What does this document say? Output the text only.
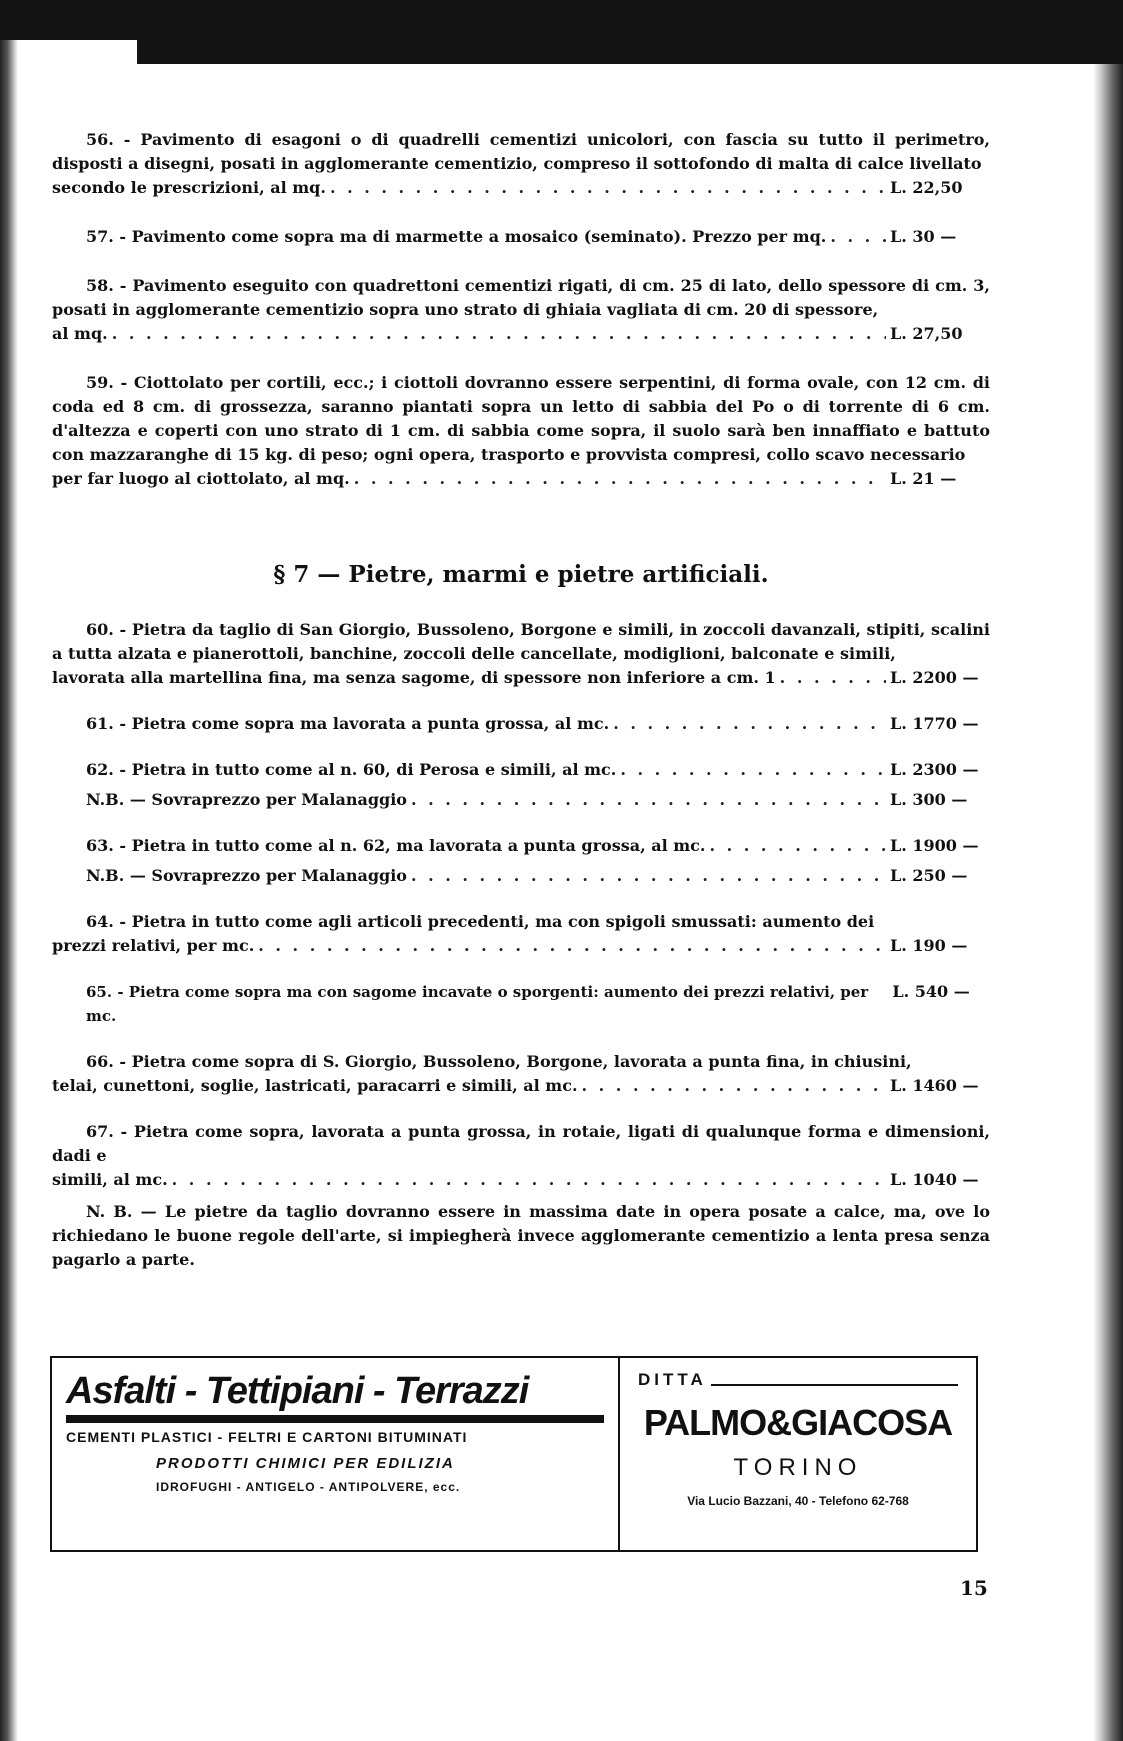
56. - Pavimento di esagoni o di quadrelli cementizi unicolori, con fascia su tutto il perimetro, disposti a disegni, posati in agglomerante cementizio, compreso il sottofondo di malta di calce livellato

secondo le prescrizioni, al mq. . . .	L. 22,50
57. - Pavimento come sopra ma di marmette a mosaico (seminato). Prezzo per mq. . . .	L. 30 —

58. - Pavimento eseguito con quadrettoni cementizi rigati, di cm. 25 di lato, dello spessore di cm. 3, posati in agglomerante cementizio sopra uno strato di ghiaia vagliata di cm. 20 di spessore,

al mq. . . .	L. 27,50

59. - Ciottolato per cortili, ecc.; i ciottoli dovranno essere serpentini, di forma ovale, con 12 cm. di coda ed 8 cm. di grossezza, saranno piantati sopra un letto di sabbia del Po o di torrente di 6 cm. d'altezza e coperti con uno strato di 1 cm. di sabbia come sopra, il suolo sarà ben innaffiato e battuto con mazzaranghe di 15 kg. di peso; ogni opera, trasporto e provvista compresi, collo scavo necessario

per far luogo al ciottolato, al mq. . . .	L. 21 —
§ 7 — Pietre, marmi e pietre artificiali.

60. - Pietra da taglio di San Giorgio, Bussoleno, Borgone e simili, in zoccoli davanzali, stipiti, scalini a tutta alzata e pianerottoli, banchine, zoccoli delle cancellate, modiglioni, balconate e simili,

lavorata alla martellina fina, ma senza sagome, di spessore non inferiore a cm. 1 . . .	L. 2200 —
61. - Pietra come sopra ma lavorata a punta grossa, al mc. . . .	L. 1770 —
62. - Pietra in tutto come al n. 60, di Perosa e simili, al mc. . . .	L. 2300 —
N.B. — Sovraprezzo per Malanaggio . . .	L. 300 —
63. - Pietra in tutto come al n. 62, ma lavorata a punta grossa, al mc. . . .	L. 1900 —
N.B. — Sovraprezzo per Malanaggio . . .	L. 250 —

64. - Pietra in tutto come agli articoli precedenti, ma con spigoli smussati: aumento dei

prezzi relativi, per mc. . . .	L. 190 —
65. - Pietra come sopra ma con sagome incavate o sporgenti: aumento dei prezzi relativi, per mc.
L. 540 —

66. - Pietra come sopra di S. Giorgio, Bussoleno, Borgone, lavorata a punta fina, in chiusini,

telai, cunettoni, soglie, lastricati, paracarri e simili, al mc. . . .	L. 1460 —

67. - Pietra come sopra, lavorata a punta grossa, in rotaie, ligati di qualunque forma e dimensioni, dadi e

simili, al mc. . . .	L. 1040 —

N. B. — Le pietre da taglio dovranno essere in massima date in opera posate a calce, ma, ove lo richiedano le buone regole dell'arte, si impiegherà invece agglomerante cementizio a lenta presa senza pagarlo a parte.

Asfalti - Tettipiani - Terrazzi
CEMENTI PLASTICI - FELTRI E CARTONI BITUMINATI
PRODOTTI CHIMICI PER EDILIZIA
IDROFUGHI - ANTIGELO - ANTIPOLVERE, ecc.
DITTA
PALMO&GIACOSA
TORINO
Via Lucio Bazzani, 40 - Telefono 62-768
15
